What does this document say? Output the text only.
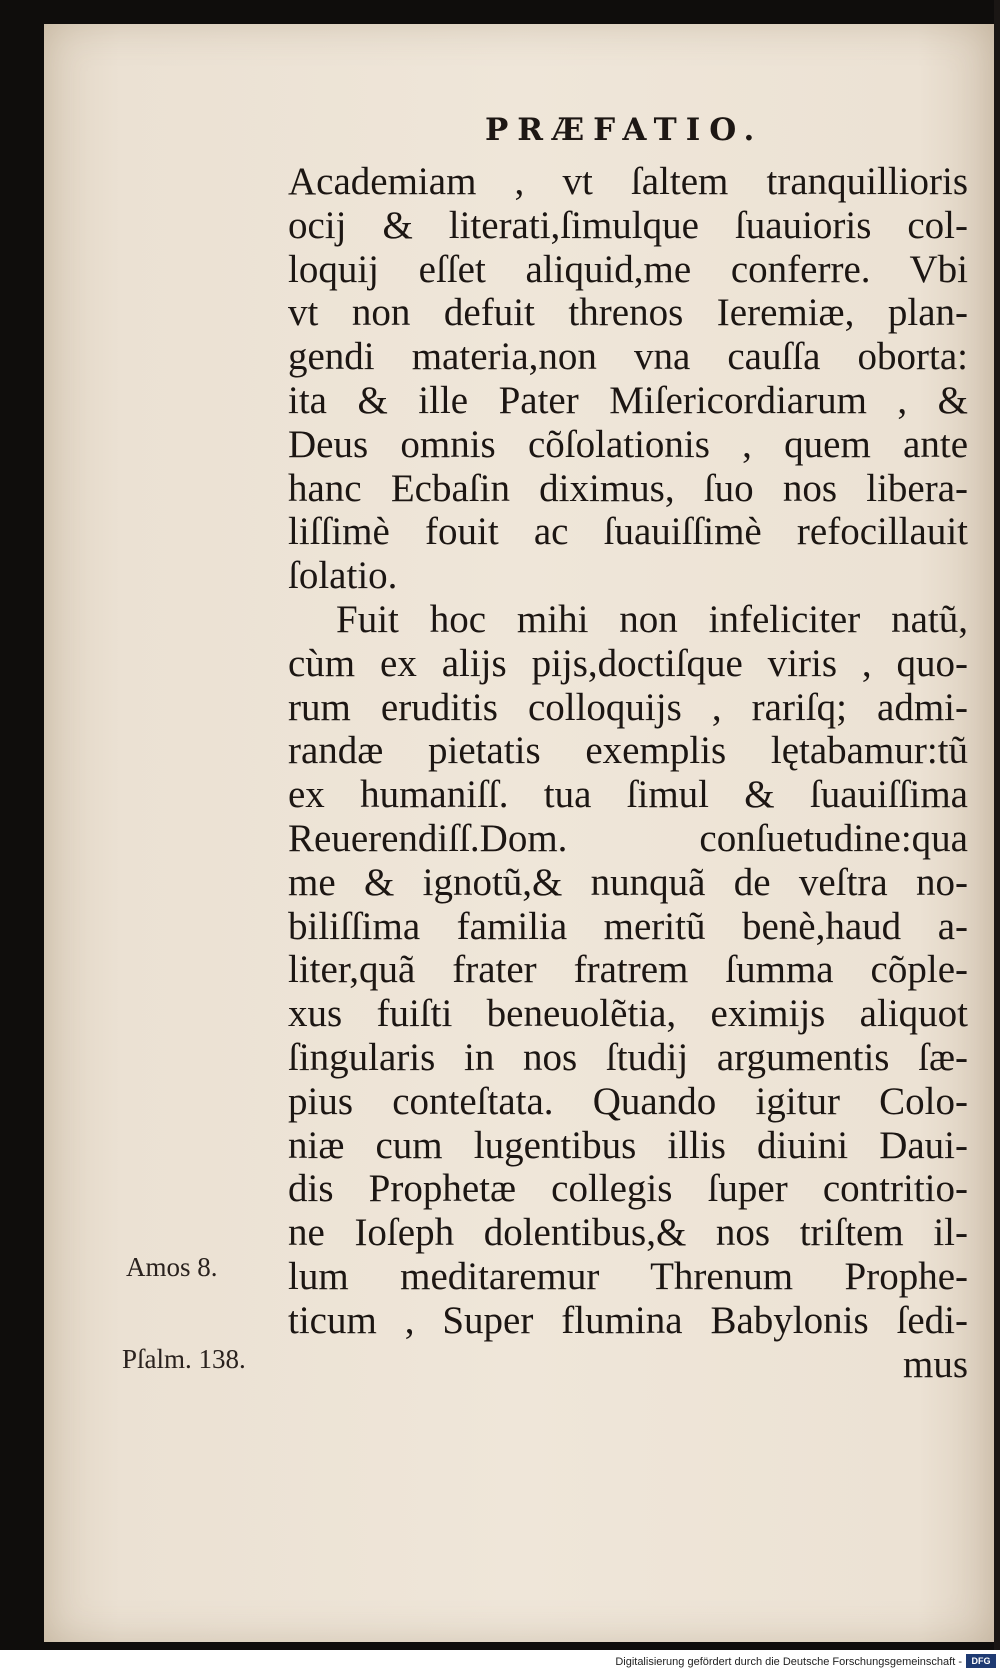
PRÆFATIO.
Academiam , vt ſaltem tranquillioris
ocij & literati,ſimulque ſuauioris col-
loquij eſſet aliquid,me conferre. Vbi
vt non defuit threnos Ieremiæ, plan-
gendi materia,non vna cauſſa oborta:
ita & ille Pater Miſericordiarum , &
Deus omnis cõſolationis , quem ante
hanc Ecbaſin diximus, ſuo nos libera-
liſſimè fouit ac ſuauiſſimè refocillauit
ſolatio.
Fuit hoc mihi non infeliciter natũ,
cùm ex alijs pijs,doctiſque viris , quo-
rum eruditis colloquijs , rariſq; admi-
randæ pietatis exemplis lętabamur:tũ
ex humaniſſ. tua ſimul & ſuauiſſima
Reuerendiſſ.Dom. conſuetudine:qua
me & ignotũ,& nunquã de veſtra no-
biliſſima familia meritũ benè,haud a-
liter,quã frater fratrem ſumma cõple-
xus fuiſti beneuolẽtia, eximijs aliquot
ſingularis in nos ſtudij argumentis ſæ-
pius conteſtata. Quando igitur Colo-
niæ cum lugentibus illis diuini Daui-
dis Prophetæ collegis ſuper contritio-
ne Ioſeph dolentibus,& nos triſtem il-
lum meditaremur Threnum Prophe-
ticum , Super flumina Babylonis ſedi-
mus
Amos 8.
Pſalm. 138.
Digitalisierung gefördert durch die Deutsche Forschungsgemeinschaft -	DFG
